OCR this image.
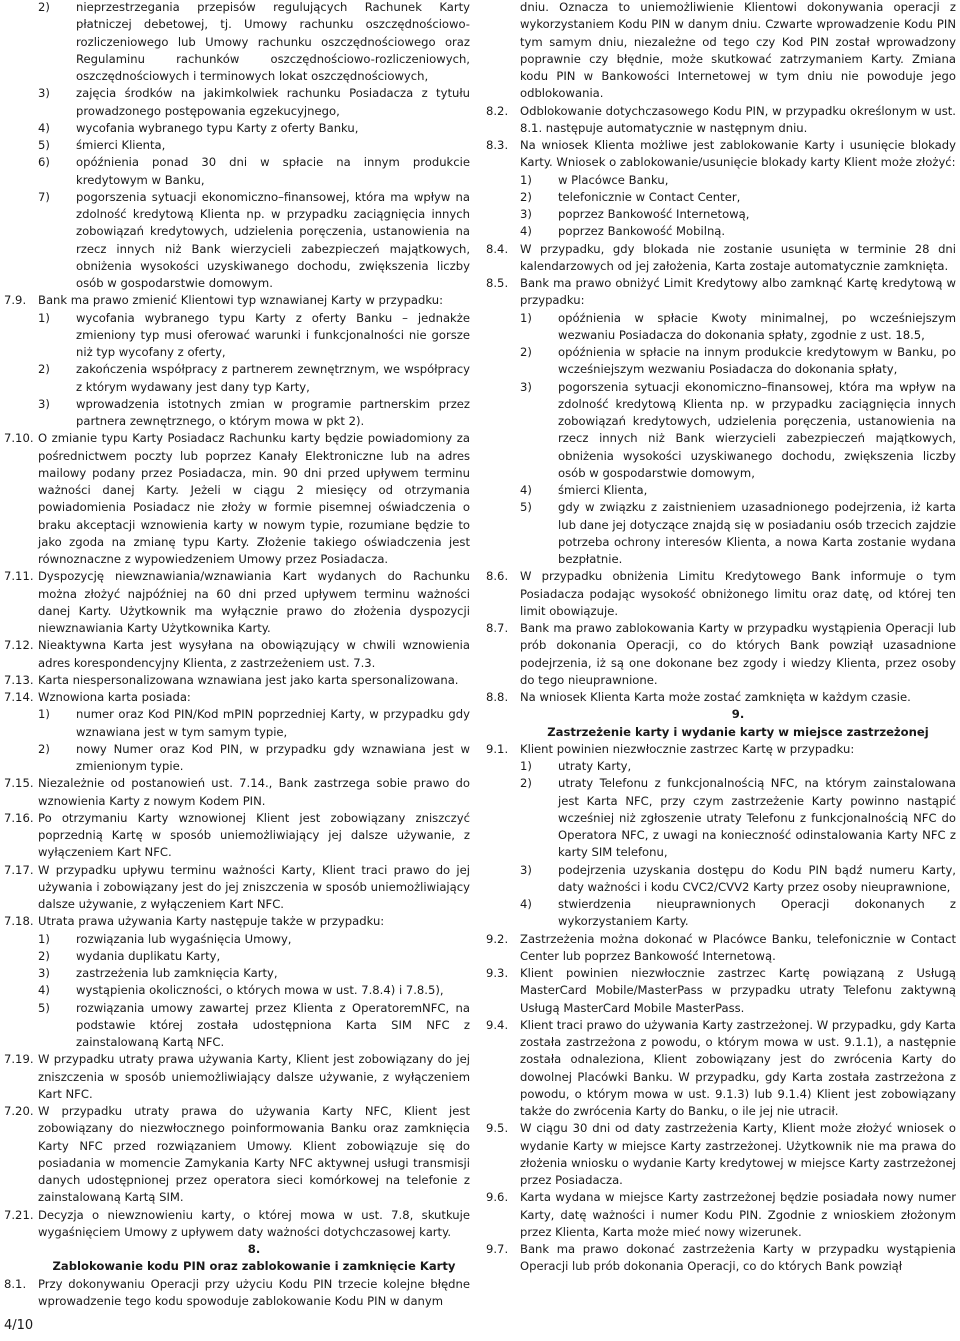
2)	nieprzestrzegania przepisów regulujących Rachunek Karty płatniczej debetowej, tj. Umowy rachunku oszczędnościowo-rozliczeniowego lub Umowy rachunku oszczędnościowego oraz Regulaminu rachunków oszczędnościowo-rozliczeniowych, oszczędnościowych i terminowych lokat oszczędnościowych,
3)	zajęcia środków na jakimkolwiek rachunku Posiadacza z tytułu prowadzonego postępowania egzekucyjnego,
4)	wycofania wybranego typu Karty z oferty Banku,
5)	śmierci Klienta,
6)	opóźnienia ponad 30 dni w spłacie na innym produkcie kredytowym w Banku,
7)	pogorszenia sytuacji ekonomiczno–finansowej, która ma wpływ na zdolność kredytową Klienta np. w przypadku zaciągnięcia innych zobowiązań kredytowych, udzielenia poręczenia, ustanowienia na rzecz innych niż Bank wierzycieli zabezpieczeń majątkowych, obniżenia wysokości uzyskiwanego dochodu, zwiększenia liczby osób w gospodarstwie domowym.
7.9.	Bank ma prawo zmienić Klientowi typ wznawianej Karty w przypadku:
1)	wycofania wybranego typu Karty z oferty Banku – jednakże zmieniony typ musi oferować warunki i funkcjonalności nie gorsze niż typ wycofany z oferty,
2)	zakończenia współpracy z partnerem zewnętrznym, we współpracy z którym wydawany jest dany typ Karty,
3)	wprowadzenia istotnych zmian w programie partnerskim przez partnera zewnętrznego, o którym mowa w pkt 2).
7.10. O zmianie typu Karty Posiadacz Rachunku karty będzie powiadomiony za pośrednictwem poczty lub poprzez Kanały Elektroniczne lub na adres mailowy podany przez Posiadacza, min. 90 dni przed upływem terminu ważności danej Karty. Jeżeli w ciągu 2 miesięcy od otrzymania powiadomienia Posiadacz nie złoży w formie pisemnej oświadczenia o braku akceptacji wznowienia karty w nowym typie, rozumiane będzie to jako zgoda na zmianę typu Karty. Złożenie takiego oświadczenia jest równoznaczne z wypowiedzeniem Umowy przez Posiadacza.
7.11. Dyspozycję niewznawiania/wznawiania Kart wydanych do Rachunku można złożyć najpóźniej na 60 dni przed upływem terminu ważności danej Karty. Użytkownik ma wyłącznie prawo do złożenia dyspozycji niewznawiania Karty Użytkownika Karty.
7.12. Nieaktywna Karta jest wysyłana na obowiązujący w chwili wznowienia adres korespondencyjny Klienta, z zastrzeżeniem ust. 7.3.
7.13. Karta niespersonalizowana wznawiana jest jako karta spersonalizowana.
7.14. Wznowiona karta posiada:
1)	numer oraz Kod PIN/Kod mPIN poprzedniej Karty, w przypadku gdy wznawiana jest w tym samym typie,
2)	nowy Numer oraz Kod PIN, w przypadku gdy wznawiana jest w zmienionym typie.
7.15. Niezależnie od postanowień ust. 7.14., Bank zastrzega sobie prawo do wznowienia Karty z nowym Kodem PIN.
7.16. Po otrzymaniu Karty wznowionej Klient jest zobowiązany zniszczyć poprzednią Kartę w sposób uniemożliwiający jej dalsze używanie, z wyłączeniem Kart NFC.
7.17. W przypadku upływu terminu ważności Karty, Klient traci prawo do jej używania i zobowiązany jest do jej zniszczenia w sposób uniemożliwiający dalsze używanie, z wyłączeniem Kart NFC.
7.18. Utrata prawa używania Karty następuje także w przypadku:
1)	rozwiązania lub wygaśnięcia Umowy,
2)	wydania duplikatu Karty,
3)	zastrzeżenia lub zamknięcia Karty,
4)	wystąpienia okoliczności, o których mowa w ust. 7.8.4) i 7.8.5),
5)	rozwiązania umowy zawartej przez Klienta z OperatoremNFC, na podstawie której została udostępniona Karta SIM NFC z zainstalowaną Kartą NFC.
7.19. W przypadku utraty prawa używania Karty, Klient jest zobowiązany do jej zniszczenia w sposób uniemożliwiający dalsze używanie, z wyłączeniem Kart NFC.
7.20. W przypadku utraty prawa do używania Karty NFC, Klient jest zobowiązany do niezwłocznego poinformowania Banku oraz zamknięcia Karty NFC przed rozwiązaniem Umowy. Klient zobowiązuje się do posiadania w momencie Zamykania Karty NFC aktywnej usługi transmisji danych udostępnionej przez operatora sieci komórkowej na telefonie z zainstalowaną Kartą SIM.
7.21. Decyzja o niewznowieniu karty, o której mowa w ust. 7.8, skutkuje wygaśnięciem Umowy z upływem daty ważności dotychczasowej karty.
8.
Zablokowanie kodu PIN oraz zablokowanie i zamknięcie Karty
8.1.	Przy dokonywaniu Operacji przy użyciu Kodu PIN trzecie kolejne błędne wprowadzenie tego kodu spowoduje zablokowanie Kodu PIN w danym
dniu. Oznacza to uniemożliwienie Klientowi dokonywania operacji z wykorzystaniem Kodu PIN w danym dniu. Czwarte wprowadzenie Kodu PIN tym samym dniu, niezależne od tego czy Kod PIN został wprowadzony poprawnie czy błędnie, może skutkować zatrzymaniem Karty. Zmiana kodu PIN w Bankowości Internetowej w tym dniu nie powoduje jego odblokowania.
8.2.	Odblokowanie dotychczasowego Kodu PIN, w przypadku określonym w ust. 8.1. następuje automatycznie w następnym dniu.
8.3.	Na wniosek Klienta możliwe jest zablokowanie Karty i usunięcie blokady Karty. Wniosek o zablokowanie/usunięcie blokady karty Klient może złożyć:
1)	w Placówce Banku,
2)	telefonicznie w Contact Center,
3)	poprzez Bankowość Internetową,
4)	poprzez Bankowość Mobilną.
8.4.	W przypadku, gdy blokada nie zostanie usunięta w terminie 28 dni kalendarzowych od jej założenia, Karta zostaje automatycznie zamknięta.
8.5.	Bank ma prawo obniżyć Limit Kredytowy albo zamknąć Kartę kredytową w przypadku:
1)	opóźnienia w spłacie Kwoty minimalnej, po wcześniejszym wezwaniu Posiadacza do dokonania spłaty, zgodnie z ust. 18.5,
2)	opóźnienia w spłacie na innym produkcie kredytowym w Banku, po wcześniejszym wezwaniu Posiadacza do dokonania spłaty,
3)	pogorszenia sytuacji ekonomiczno–finansowej, która ma wpływ na zdolność kredytową Klienta np. w przypadku zaciągnięcia innych zobowiązań kredytowych, udzielenia poręczenia, ustanowienia na rzecz innych niż Bank wierzycieli zabezpieczeń majątkowych, obniżenia wysokości uzyskiwanego dochodu, zwiększenia liczby osób w gospodarstwie domowym,
4)	śmierci Klienta,
5)	gdy w związku z zaistnieniem uzasadnionego podejrzenia, iż karta lub dane jej dotyczące znajdą się w posiadaniu osób trzecich zajdzie potrzeba ochrony interesów Klienta, a nowa Karta zostanie wydana bezpłatnie.
8.6.	W przypadku obniżenia Limitu Kredytowego Bank informuje o tym Posiadacza podając wysokość obniżonego limitu oraz datę, od której ten limit obowiązuje.
8.7.	Bank ma prawo zablokowania Karty w przypadku wystąpienia Operacji lub prób dokonania Operacji, co do których Bank powziął uzasadnione podejrzenia, iż są one dokonane bez zgody i wiedzy Klienta, przez osoby do tego nieuprawnione.
8.8.	Na wniosek Klienta Karta może zostać zamknięta w każdym czasie.
9.
Zastrzeżenie karty i wydanie karty w miejsce zastrzeżonej
9.1.	Klient powinien niezwłocznie zastrzec Kartę w przypadku:
1)	utraty Karty,
2)	utraty Telefonu z funkcjonalnością NFC, na którym zainstalowana jest Karta NFC, przy czym zastrzeżenie Karty powinno nastąpić wcześniej niż zgłoszenie utraty Telefonu z funkcjonalnością NFC do Operatora NFC, z uwagi na konieczność odinstalowania Karty NFC z karty SIM telefonu,
3)	podejrzenia uzyskania dostępu do Kodu PIN bądź numeru Karty, daty ważności i kodu CVC2/CVV2 Karty przez osoby nieuprawnione,
4)	stwierdzenia nieuprawnionych Operacji dokonanych z wykorzystaniem Karty.
9.2.	Zastrzeżenia można dokonać w Placówce Banku, telefonicznie w Contact Center lub poprzez Bankowość Internetową.
9.3.	Klient powinien niezwłocznie zastrzec Kartę powiązaną z Usługą MasterCard Mobile/MasterPass w przypadku utraty Telefonu zaktywną Usługą MasterCard Mobile MasterPass.
9.4.	Klient traci prawo do używania Karty zastrzeżonej. W przypadku, gdy Karta została zastrzeżona z powodu, o którym mowa w ust. 9.1.1), a następnie została odnaleziona, Klient zobowiązany jest do zwrócenia Karty do dowolnej Placówki Banku. W przypadku, gdy Karta została zastrzeżona z powodu, o którym mowa w ust. 9.1.3) lub 9.1.4) Klient jest zobowiązany także do zwrócenia Karty do Banku, o ile jej nie utracił.
9.5.	W ciągu 30 dni od daty zastrzeżenia Karty, Klient może złożyć wniosek o wydanie Karty w miejsce Karty zastrzeżonej. Użytkownik nie ma prawa do złożenia wniosku o wydanie Karty kredytowej w miejsce Karty zastrzeżonej przez Posiadacza.
9.6.	Karta wydana w miejsce Karty zastrzeżonej będzie posiadała nowy numer Karty, datę ważności i numer Kodu PIN. Zgodnie z wnioskiem złożonym przez Klienta, Karta może mieć nowy wizerunek.
9.7.	Bank ma prawo dokonać zastrzeżenia Karty w przypadku wystąpienia Operacji lub prób dokonania Operacji, co do których Bank powziął
4/10
